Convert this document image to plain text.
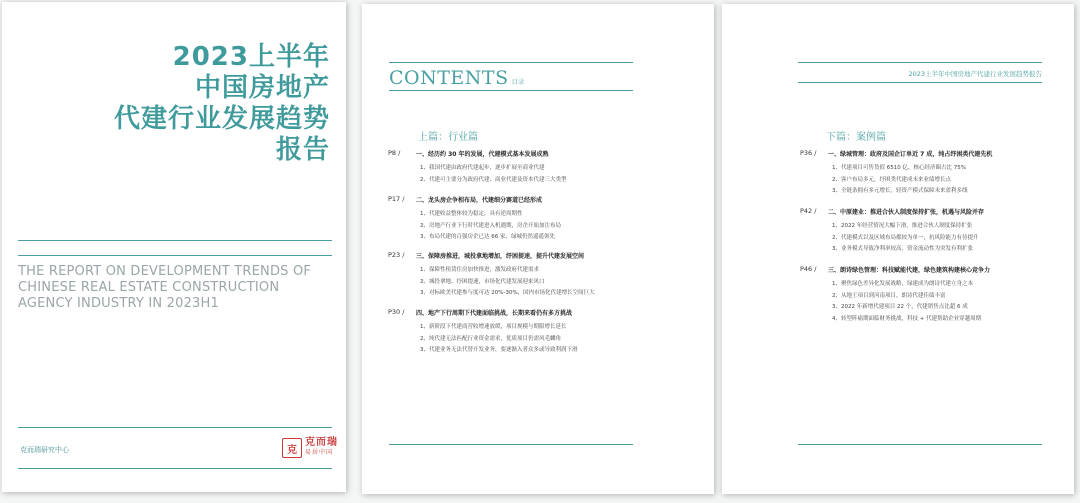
2023上半年
中国房地产
代建行业发展趋势
报告
THE REPORT ON DEVELOPMENT TRENDS OF
CHINESE REAL ESTATE CONSTRUCTION
AGENCY INDUSTRY IN 2023H1
克而瑞研究中心	克
克而瑞
易居中国
CONTENTS 目录
上篇：行业篇
P8 /	一、经历约 30 年的发展，代建模式基本发展成熟
1、我国代建由政府代建起步，逐步扩展至商业代建
2、代建可主要分为政府代建、商业代建及资本代建三大类型
P17 / 二、龙头房企争相布局，代建细分赛道已经形成
1、代建收益整体较为稳定，具有逆周期性
2、房地产行业下行时代建进入机遇期，房企开始加注布局
3、布局代建的百强房企已达 66 家，绿城仍然遥遥领先
P23 / 三、保障房推进，城投拿地增加，纾困提速，提升代建发展空间
1、保障性租赁住房加快推进，激发政府代建需求
2、城投拿地、纾困提速，市场化代建发展迎来风口
3、对标欧美代建参与度可达 20%-30%，国内市场化代建增长空间巨大
P30 / 四、地产下行周期下代建面临挑战，长期来看仍有多方挑战
1、新阶段下代建商营收增速放缓，项目规模与期限增长延长
2、纯代建无法匹配行业资金需求，优质项目仍需风毛麟角
3、代建业务无法代替开发业务，要逐渐入者众多或导致利润下滑
2023上半年中国房地产代建行业发展趋势报告
下篇：案例篇
P36 / 一、绿城管理：政府及国企订单近 7 成，纯占纾困类代建先机
1、代建项目可售货值 6510 亿，核心经济圈占比 75%
2、客户布局多元，纾困类代建成未来业绩增长点
3、全链条拥有多元增长，轻资产模式保障未来盈利多线
P42 / 二、中原建业：推进合伙人制度保持扩张，机遇与风险并存
1、2022 年经营情况大幅下滑，推进合伙人制度保持扩张
2、代建模式以及区域布局都较为单一，抗风险能力有待提升
3、业务模式导致净利率较高，资金流动性为突发有利扩张
P46 / 三、朗诗绿色管理：科技赋能代建，绿色建筑构建核心竞争力
1、聚焦绿色差异化发展战略，绿建成为朗诗代建立身之本
2、从地王项目到河南项目，朗诗代建佳绩丰富
3、2022 年新增代建项目 22 个，代建销售点比超 6 成
4、转型阵痛期面临财务挑战，科技 + 代建帮助企业穿越周期
